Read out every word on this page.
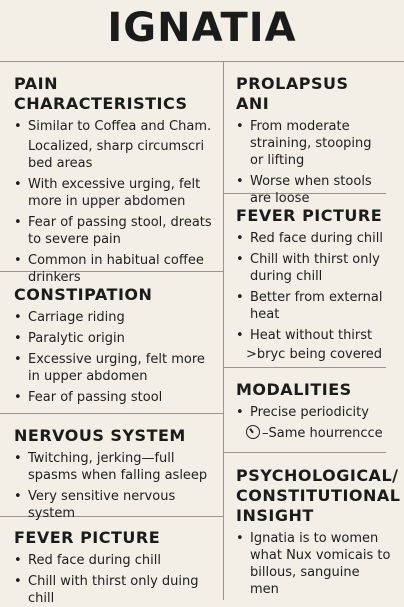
IGNATIA
PAIN CHARACTERISTICS
• Similar to Coffea and Cham.
Localized, sharp circumscri bed areas
• With excessive urging, felt more in upper abdomen
• Fear of passing stool, dreats to severe pain
• Common in habitual coffee drinkers
CONSTIPATION
• Carriage riding
• Paralytic origin
• Excessive urging, felt more in upper abdomen
• Fear of passing stool
NERVOUS SYSTEM
• Twitching, jerking—full spasms when falling asleep
• Very sensitive nervous system
FEVER PICTURE
• Red face during chill
• Chill with thirst only duing chill
PROLAPSUS ANI
• From moderate straining, stooping or lifting
• Worse when stools are loose
FEVER PICTURE
• Red face during chill
• Chill with thirst only during chill
• Better from external heat
• Heat without thirst
>bryc being covered
MODALITIES
• Precise periodicity
–Same hourrencce
PSYCHOLOGICAL/ CONSTITUTIONAL INSIGHT
• Ignatia is to women what Nux vomicais to billous, sanguine men
